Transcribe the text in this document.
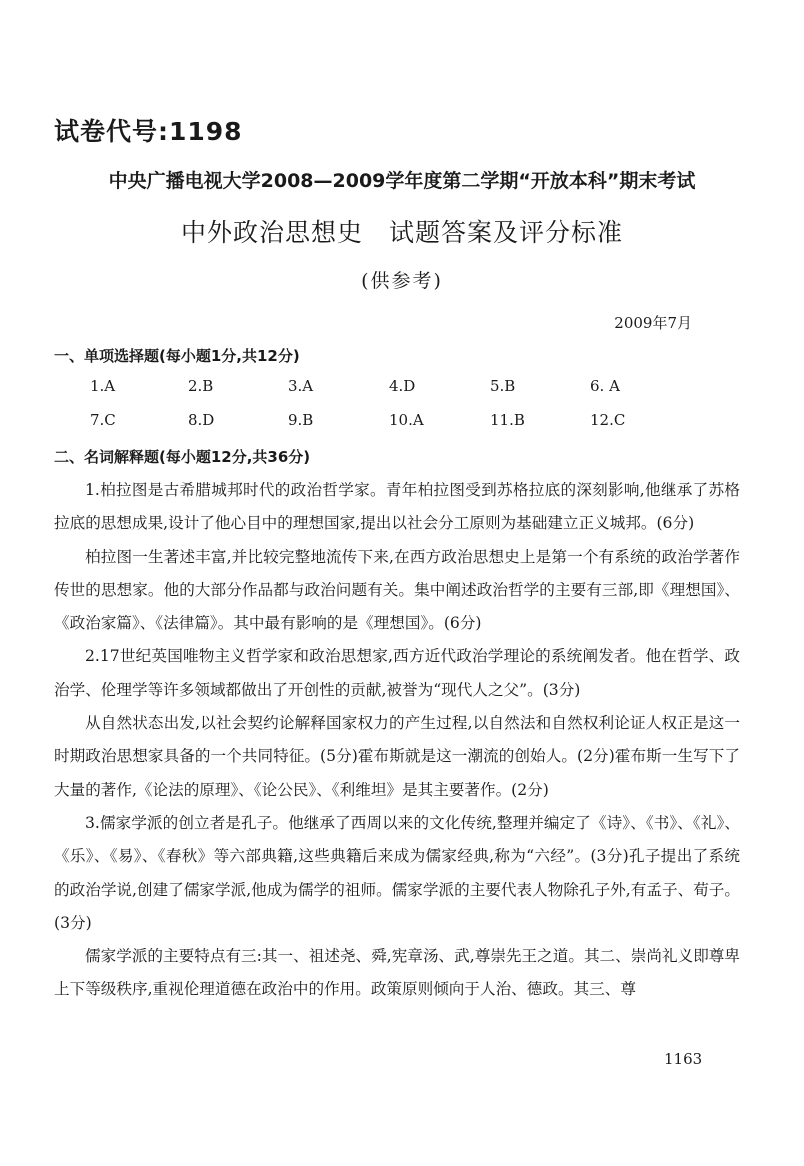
试卷代号:1198
中央广播电视大学2008—2009学年度第二学期“开放本科”期末考试
中外政治思想史　试题答案及评分标准
(供参考)
2009年7月
一、单项选择题(每小题1分,共12分)
1.A	2.B	3.A	4.D	5.B	6. A
7.C	8.D	9.B	10.A	11.B	12.C
二、名词解释题(每小题12分,共36分)

1.柏拉图是古希腊城邦时代的政治哲学家。青年柏拉图受到苏格拉底的深刻影响,他继承了苏格拉底的思想成果,设计了他心目中的理想国家,提出以社会分工原则为基础建立正义城邦。(6分)

柏拉图一生著述丰富,并比较完整地流传下来,在西方政治思想史上是第一个有系统的政治学著作传世的思想家。他的大部分作品都与政治问题有关。集中阐述政治哲学的主要有三部,即《理想国》、《政治家篇》、《法律篇》。其中最有影响的是《理想国》。(6分)

2.17世纪英国唯物主义哲学家和政治思想家,西方近代政治学理论的系统阐发者。他在哲学、政治学、伦理学等许多领域都做出了开创性的贡献,被誉为“现代人之父”。(3分)

从自然状态出发,以社会契约论解释国家权力的产生过程,以自然法和自然权利论证人权正是这一时期政治思想家具备的一个共同特征。(5分)霍布斯就是这一潮流的创始人。(2分)霍布斯一生写下了大量的著作,《论法的原理》、《论公民》、《利维坦》是其主要著作。(2分)

3.儒家学派的创立者是孔子。他继承了西周以来的文化传统,整理并编定了《诗》、《书》、《礼》、《乐》、《易》、《春秋》等六部典籍,这些典籍后来成为儒家经典,称为“六经”。(3分)孔子提出了系统的政治学说,创建了儒家学派,他成为儒学的祖师。儒家学派的主要代表人物除孔子外,有孟子、荀子。(3分)

儒家学派的主要特点有三:其一、祖述尧、舜,宪章汤、武,尊崇先王之道。其二、崇尚礼义即尊卑上下等级秩序,重视伦理道德在政治中的作用。政策原则倾向于人治、德政。其三、尊

1163
